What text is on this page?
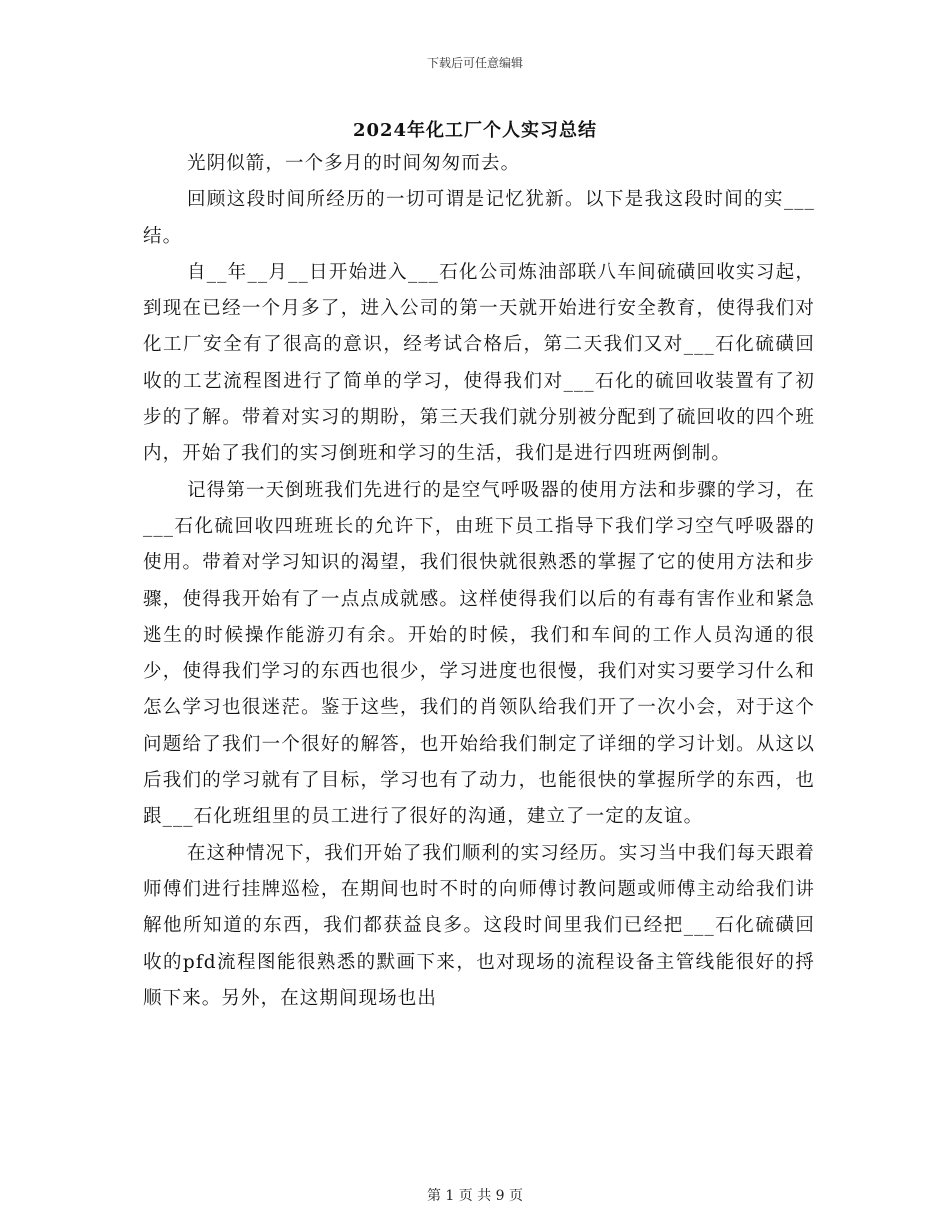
下载后可任意编辑
2024年化工厂个人实习总结

光阴似箭，一个多月的时间匆匆而去。

回顾这段时间所经历的一切可谓是记忆犹新。以下是我这段时间的实___结。

自__年__月__日开始进入___石化公司炼油部联八车间硫磺回收实习起，到现在已经一个月多了，进入公司的第一天就开始进行安全教育，使得我们对化工厂安全有了很高的意识，经考试合格后，第二天我们又对___石化硫磺回收的工艺流程图进行了简单的学习，使得我们对___石化的硫回收装置有了初步的了解。带着对实习的期盼，第三天我们就分别被分配到了硫回收的四个班内，开始了我们的实习倒班和学习的生活，我们是进行四班两倒制。

记得第一天倒班我们先进行的是空气呼吸器的使用方法和步骤的学习，在___石化硫回收四班班长的允许下，由班下员工指导下我们学习空气呼吸器的使用。带着对学习知识的渴望，我们很快就很熟悉的掌握了它的使用方法和步骤，使得我开始有了一点点成就感。这样使得我们以后的有毒有害作业和紧急逃生的时候操作能游刃有余。开始的时候，我们和车间的工作人员沟通的很少，使得我们学习的东西也很少，学习进度也很慢，我们对实习要学习什么和怎么学习也很迷茫。鉴于这些，我们的肖领队给我们开了一次小会，对于这个问题给了我们一个很好的解答，也开始给我们制定了详细的学习计划。从这以后我们的学习就有了目标，学习也有了动力，也能很快的掌握所学的东西，也跟___石化班组里的员工进行了很好的沟通，建立了一定的友谊。

在这种情况下，我们开始了我们顺利的实习经历。实习当中我们每天跟着师傅们进行挂牌巡检，在期间也时不时的向师傅讨教问题或师傅主动给我们讲解他所知道的东西，我们都获益良多。这段时间里我们已经把___石化硫磺回收的pfd流程图能很熟悉的默画下来，也对现场的流程设备主管线能很好的捋顺下来。另外，在这期间现场也出

第 1 页 共 9 页
